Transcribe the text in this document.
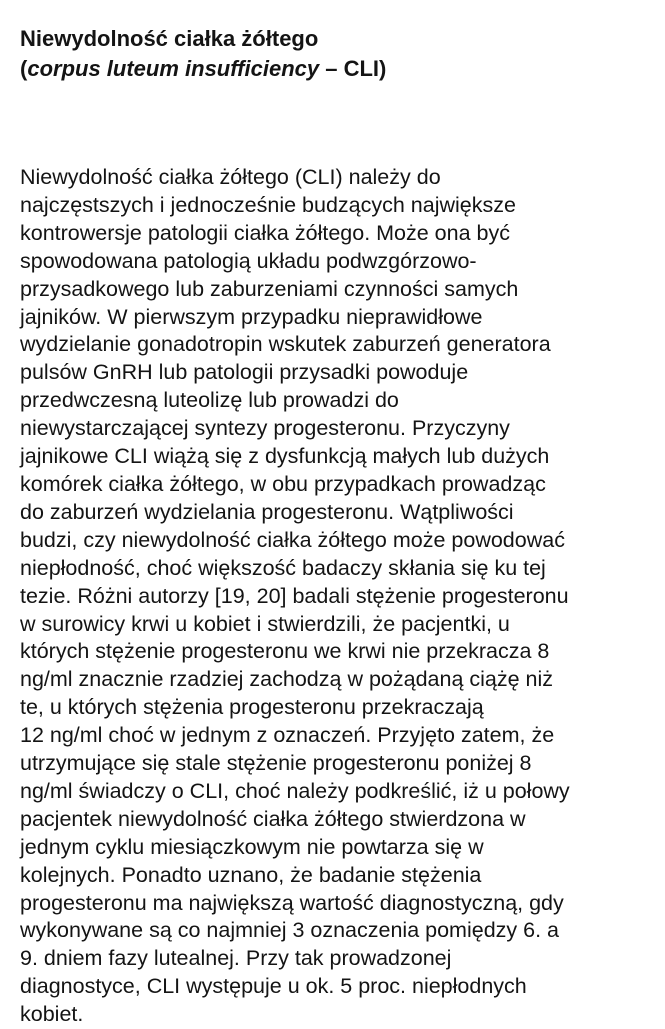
Niewydolność ciałka żółtego
(corpus luteum insufficiency – CLI)
Niewydolność ciałka żółtego (CLI) należy do
najczęstszych i jednocześnie budzących największe
kontrowersje patologii ciałka żółtego. Może ona być
spowodowana patologią układu podwzgórzowo-
przysadkowego lub zaburzeniami czynności samych
jajników. W pierwszym przypadku nieprawidłowe
wydzielanie gonadotropin wskutek zaburzeń generatora
pulsów GnRH lub patologii przysadki powoduje
przedwczesną luteolizę lub prowadzi do
niewystarczającej syntezy progesteronu. Przyczyny
jajnikowe CLI wiążą się z dysfunkcją małych lub dużych
komórek ciałka żółtego, w obu przypadkach prowadząc
do zaburzeń wydzielania progesteronu. Wątpliwości
budzi, czy niewydolność ciałka żółtego może powodować
niepłodność, choć większość badaczy skłania się ku tej
tezie. Różni autorzy [19, 20] badali stężenie progesteronu
w surowicy krwi u kobiet i stwierdzili, że pacjentki, u
których stężenie progesteronu we krwi nie przekracza 8
ng/ml znacznie rzadziej zachodzą w pożądaną ciążę niż
te, u których stężenia progesteronu przekraczają
12 ng/ml choć w jednym z oznaczeń. Przyjęto zatem, że
utrzymujące się stale stężenie progesteronu poniżej 8
ng/ml świadczy o CLI, choć należy podkreślić, iż u połowy
pacjentek niewydolność ciałka żółtego stwierdzona w
jednym cyklu miesiączkowym nie powtarza się w
kolejnych. Ponadto uznano, że badanie stężenia
progesteronu ma największą wartość diagnostyczną, gdy
wykonywane są co najmniej 3 oznaczenia pomiędzy 6. a
9. dniem fazy lutealnej. Przy tak prowadzonej
diagnostyce, CLI występuje u ok. 5 proc. niepłodnych
kobiet.
